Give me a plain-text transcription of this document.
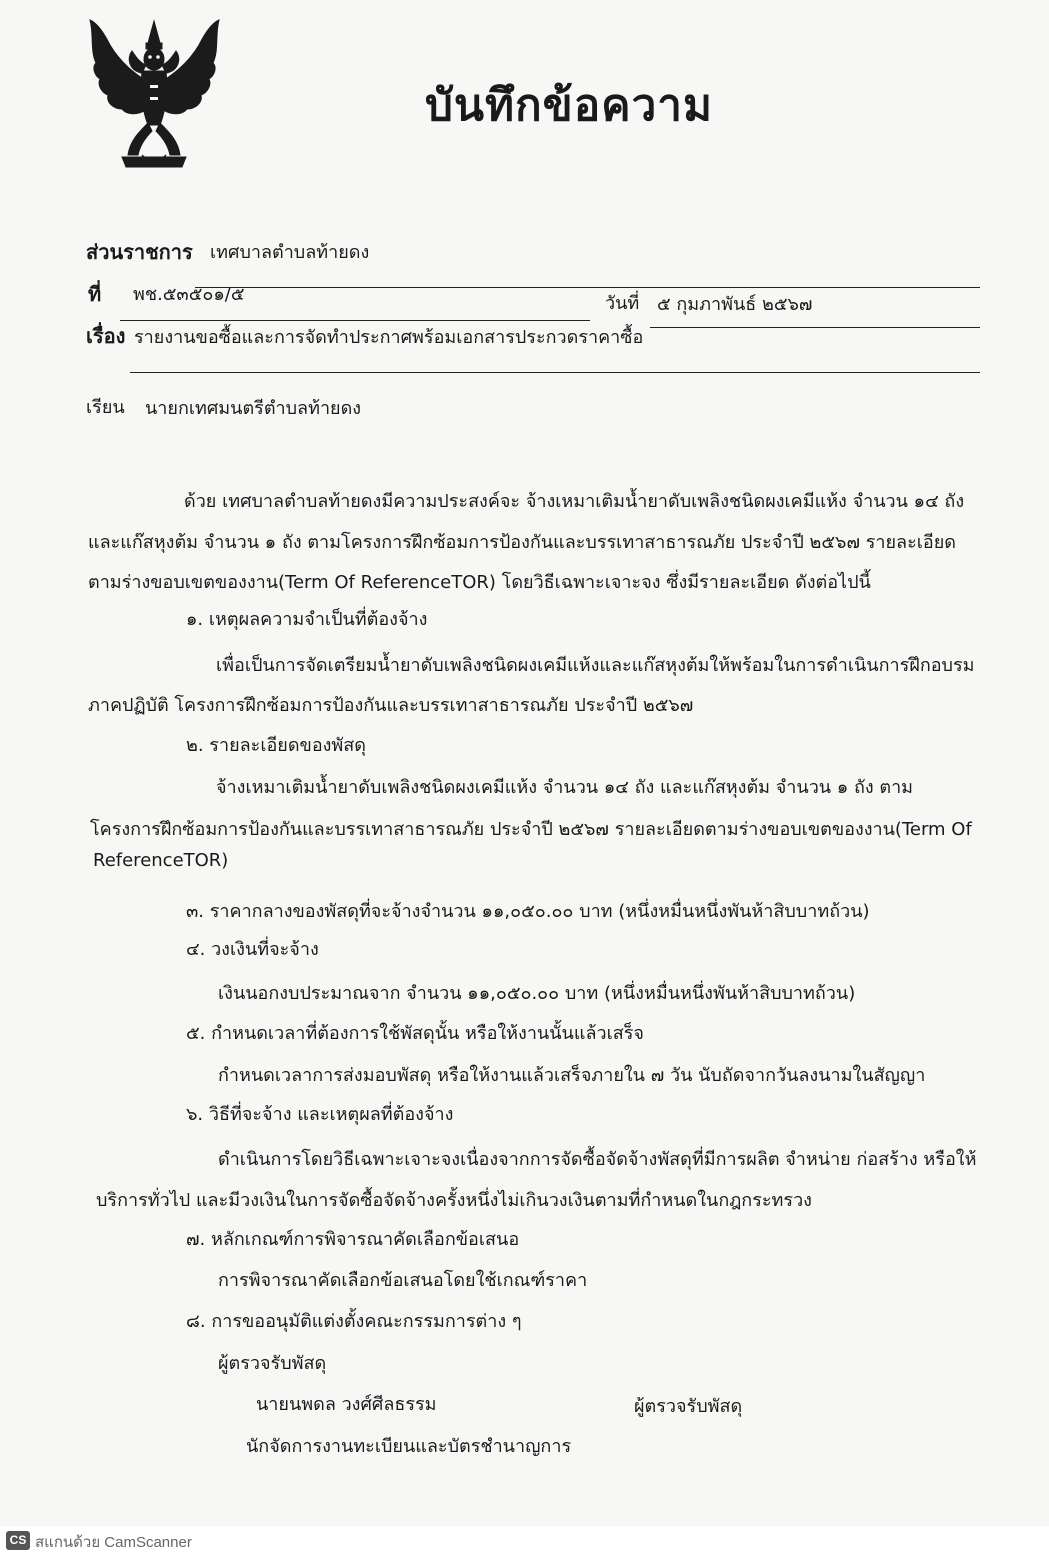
บันทึกข้อความ
ส่วนราชการ เทศบาลตำบลท้ายดง
ที่ พช.๕๓๕๐๑/๕	วันที่ ๕ กุมภาพันธ์ ๒๕๖๗
เรื่อง รายงานขอซื้อและการจัดทำประกาศพร้อมเอกสารประกวดราคาซื้อ
เรียน นายกเทศมนตรีตำบลท้ายดง
ด้วย เทศบาลตำบลท้ายดงมีความประสงค์จะ จ้างเหมาเติมน้ำยาดับเพลิงชนิดผงเคมีแห้ง จำนวน ๑๔ ถัง
และแก๊สหุงต้ม จำนวน ๑ ถัง ตามโครงการฝึกซ้อมการป้องกันและบรรเทาสาธารณภัย ประจำปี ๒๕๖๗ รายละเอียด
ตามร่างขอบเขตของงาน(Term Of ReferenceTOR) โดยวิธีเฉพาะเจาะจง ซึ่งมีรายละเอียด ดังต่อไปนี้
๑. เหตุผลความจำเป็นที่ต้องจ้าง
เพื่อเป็นการจัดเตรียมน้ำยาดับเพลิงชนิดผงเคมีแห้งและแก๊สหุงต้มให้พร้อมในการดำเนินการฝึกอบรม
ภาคปฏิบัติ โครงการฝึกซ้อมการป้องกันและบรรเทาสาธารณภัย ประจำปี ๒๕๖๗
๒. รายละเอียดของพัสดุ
จ้างเหมาเติมน้ำยาดับเพลิงชนิดผงเคมีแห้ง จำนวน ๑๔ ถัง และแก๊สหุงต้ม จำนวน ๑ ถัง ตาม
โครงการฝึกซ้อมการป้องกันและบรรเทาสาธารณภัย ประจำปี ๒๕๖๗ รายละเอียดตามร่างขอบเขตของงาน(Term Of
ReferenceTOR)
๓. ราคากลางของพัสดุที่จะจ้างจำนวน ๑๑,๐๕๐.๐๐ บาท (หนึ่งหมื่นหนึ่งพันห้าสิบบาทถ้วน)
๔. วงเงินที่จะจ้าง
เงินนอกงบประมาณจาก จำนวน ๑๑,๐๕๐.๐๐ บาท (หนึ่งหมื่นหนึ่งพันห้าสิบบาทถ้วน)
๕. กำหนดเวลาที่ต้องการใช้พัสดุนั้น หรือให้งานนั้นแล้วเสร็จ
กำหนดเวลาการส่งมอบพัสดุ หรือให้งานแล้วเสร็จภายใน ๗ วัน นับถัดจากวันลงนามในสัญญา
๖. วิธีที่จะจ้าง และเหตุผลที่ต้องจ้าง
ดำเนินการโดยวิธีเฉพาะเจาะจงเนื่องจากการจัดซื้อจัดจ้างพัสดุที่มีการผลิต จำหน่าย ก่อสร้าง หรือให้
บริการทั่วไป และมีวงเงินในการจัดซื้อจัดจ้างครั้งหนึ่งไม่เกินวงเงินตามที่กำหนดในกฎกระทรวง
๗. หลักเกณฑ์การพิจารณาคัดเลือกข้อเสนอ
การพิจารณาคัดเลือกข้อเสนอโดยใช้เกณฑ์ราคา
๘. การขออนุมัติแต่งตั้งคณะกรรมการต่าง ๆ
ผู้ตรวจรับพัสดุ
นายนพดล วงศ์ศีลธรรม	ผู้ตรวจรับพัสดุ
นักจัดการงานทะเบียนและบัตรชำนาญการ
CS สแกนด้วย CamScanner
